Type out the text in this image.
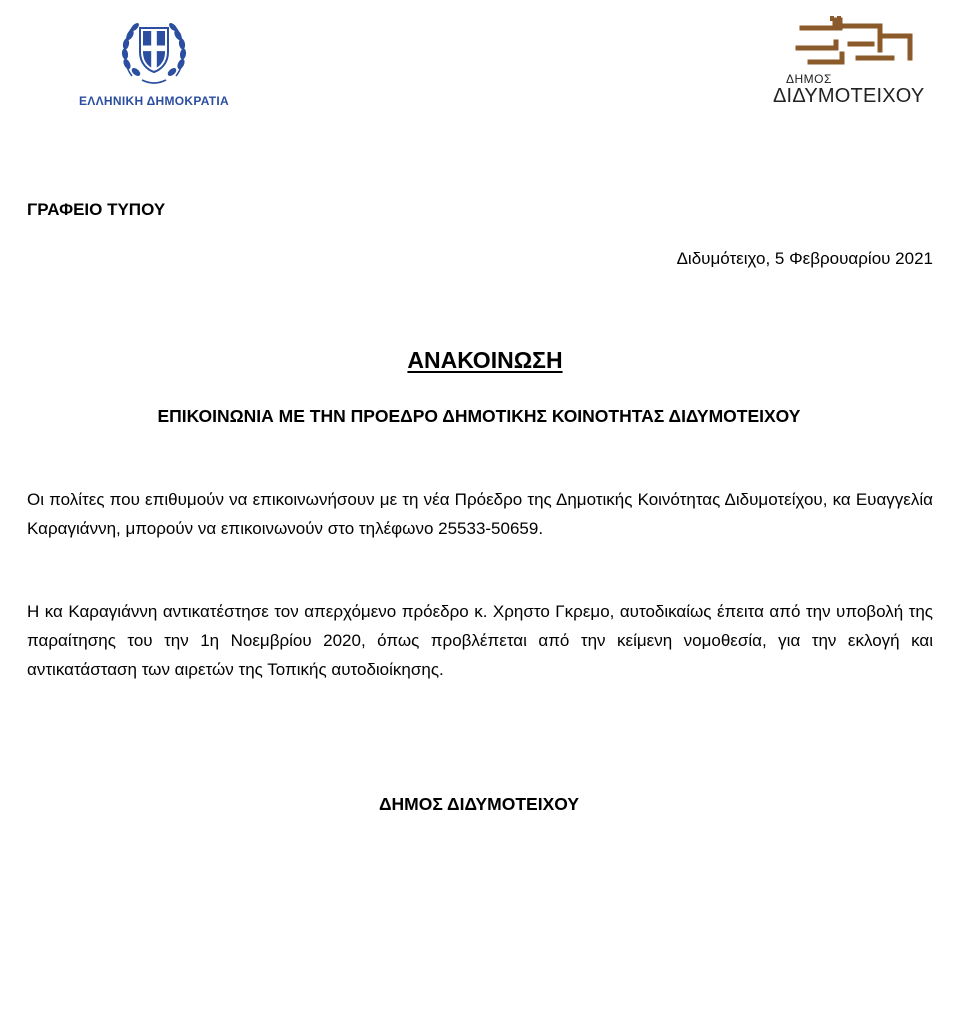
ΕΛΛΗΝΙΚΗ ΔΗΜΟΚΡΑΤΙΑ
ΔΗΜΟΣ
ΔΙΔΥΜΟΤΕΙΧΟΥ
ΓΡΑΦΕΙΟ ΤΥΠΟΥ
Διδυμότειχο, 5 Φεβρουαρίου 2021
ΑΝΑΚΟΙΝΩΣΗ
ΕΠΙΚΟΙΝΩΝΙΑ ΜΕ ΤΗΝ ΠΡΟΕΔΡΟ ΔΗΜΟΤΙΚΗΣ ΚΟΙΝΟΤΗΤΑΣ ΔΙΔΥΜΟΤΕΙΧΟΥ
Οι πολίτες που επιθυμούν να επικοινωνήσουν με τη νέα Πρόεδρο της Δημοτικής Κοινότητας Διδυμοτείχου, κα Ευαγγελία Καραγιάννη, μπορούν να επικοινωνούν στο τηλέφωνο 25533-50659.
Η κα Καραγιάννη αντικατέστησε τον απερχόμενο πρόεδρο κ. Χρηστο Γκρεμο, αυτοδικαίως έπειτα από την υποβολή της παραίτησης του την 1η Νοεμβρίου 2020, όπως προβλέπεται από την κείμενη νομοθεσία, για την εκλογή και αντικατάσταση των αιρετών της Τοπικής αυτοδιοίκησης.
ΔΗΜΟΣ ΔΙΔΥΜΟΤΕΙΧΟΥ
